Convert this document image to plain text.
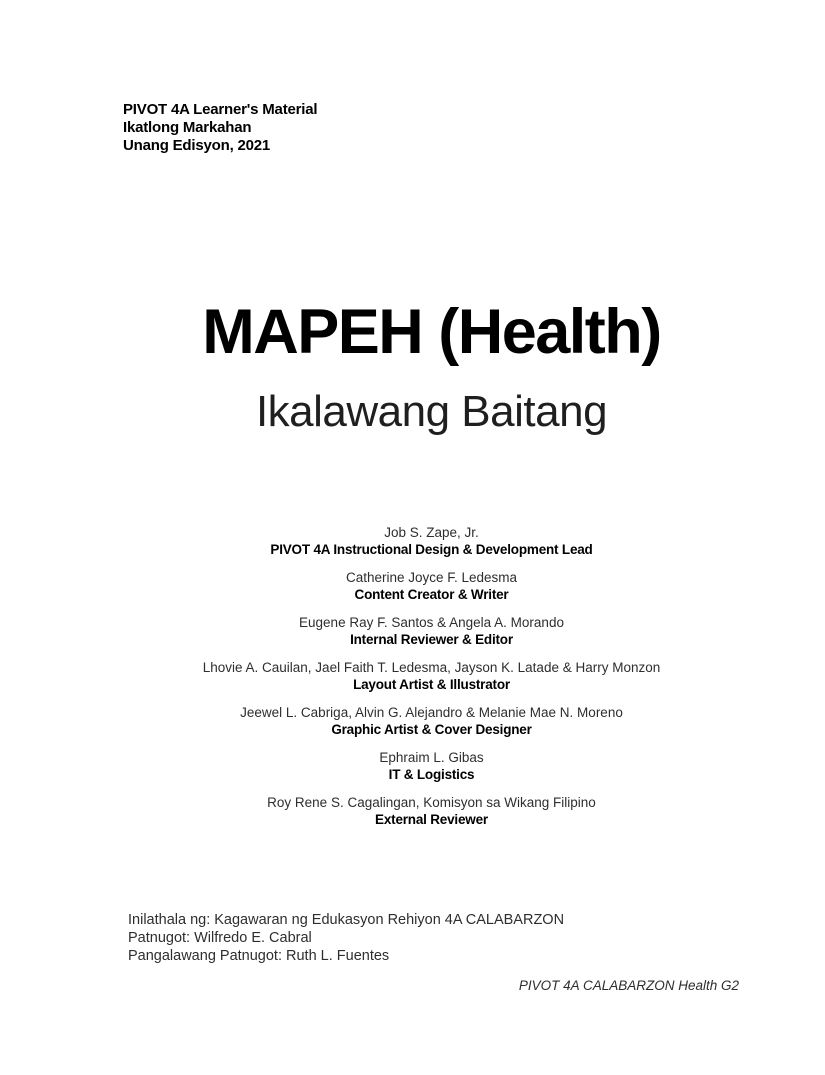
PIVOT 4A Learner's Material
Ikatlong Markahan
Unang Edisyon, 2021
MAPEH (Health)
Ikalawang Baitang
Job S. Zape, Jr.
PIVOT 4A Instructional Design & Development Lead
Catherine Joyce F. Ledesma
Content Creator & Writer
Eugene Ray F. Santos & Angela A. Morando
Internal Reviewer & Editor
Lhovie A. Cauilan, Jael Faith T. Ledesma, Jayson K. Latade & Harry Monzon
Layout Artist & Illustrator
Jeewel L. Cabriga, Alvin G. Alejandro & Melanie Mae N. Moreno
Graphic Artist & Cover Designer
Ephraim L. Gibas
IT & Logistics
Roy Rene S. Cagalingan, Komisyon sa Wikang Filipino
External Reviewer
Inilathala ng: Kagawaran ng Edukasyon Rehiyon 4A CALABARZON
Patnugot: Wilfredo E. Cabral
Pangalawang Patnugot: Ruth L. Fuentes
PIVOT 4A CALABARZON Health G2
